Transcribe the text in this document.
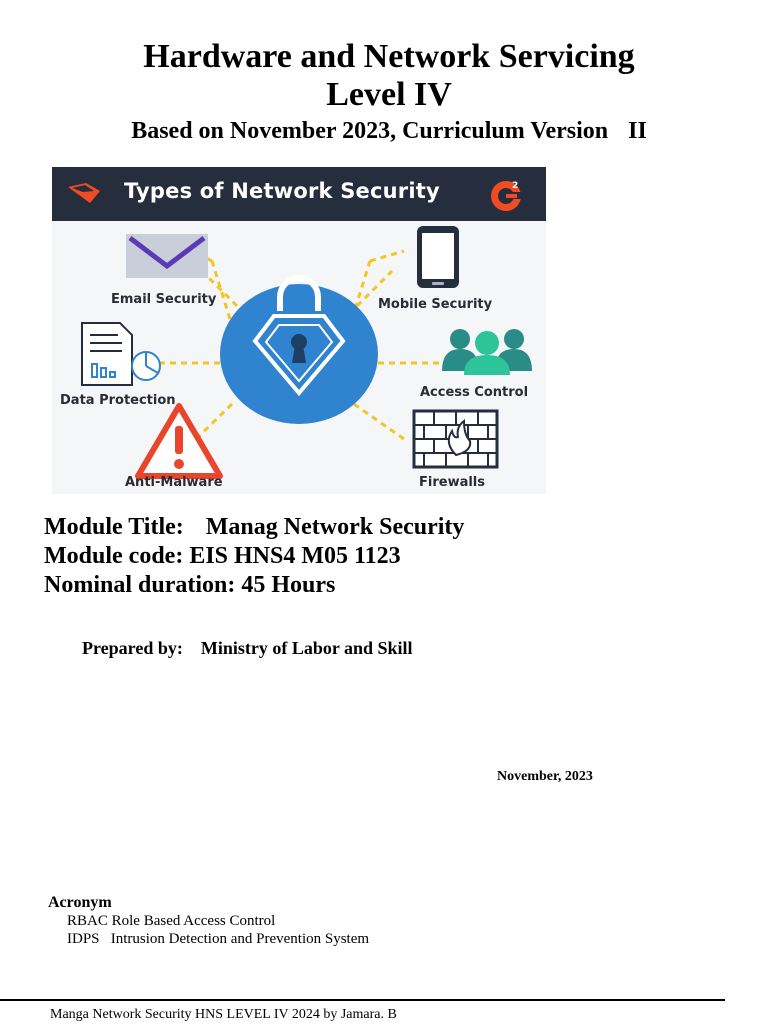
Hardware and Network Servicing
Level IV
Based on November 2023, Curriculum Version II
Types of Network Security	2
Email Security	Mobile Security
Data Protection
Access Control
Anti-Malware	Firewalls
Module Title: Manag Network Security
Module code: EIS HNS4 M05 1123
Nominal duration: 45 Hours
Prepared by: Ministry of Labor and Skill
November, 2023
Acronym
RBAC Role Based Access Control
IDPS Intrusion Detection and Prevention System
Manga Network Security HNS LEVEL IV 2024 by Jamara. B
